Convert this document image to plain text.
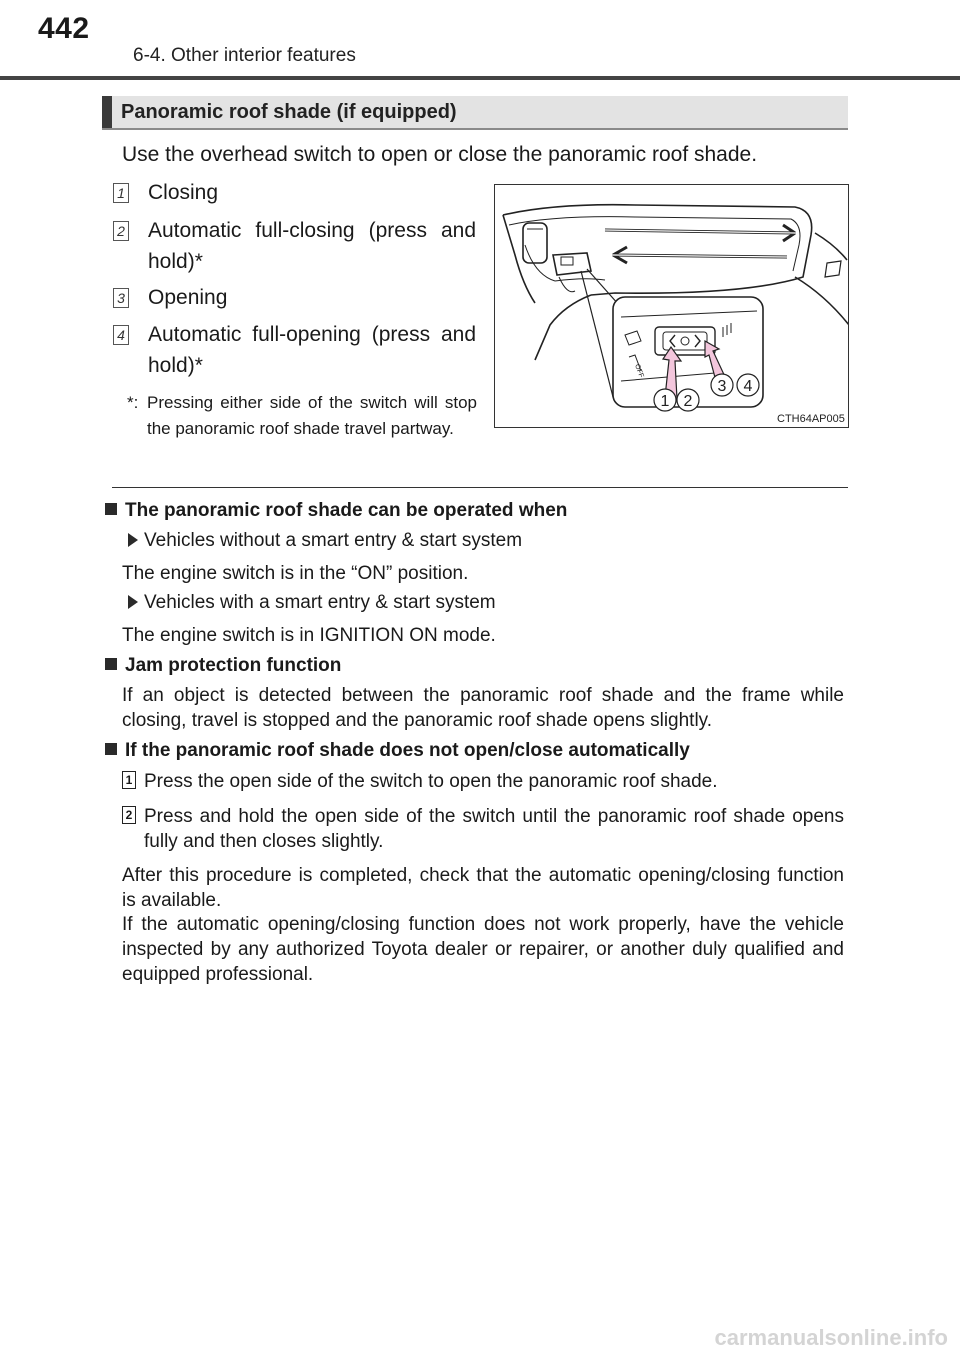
442
6-4. Other interior features
Panoramic roof shade (if equipped)
Use the overhead switch to open or close the panoramic roof shade.
1 Closing
2 Automatic full-closing (press and hold)*
3 Opening
4 Automatic full-opening (press and hold)*
*: Pressing either side of the switch will stop the panoramic roof shade travel partway.
1 2
3 4
OFF
CTH64AP005
The panoramic roof shade can be operated when
Vehicles without a smart entry & start system
The engine switch is in the “ON” position.
Vehicles with a smart entry & start system
The engine switch is in IGNITION ON mode.
Jam protection function
If an object is detected between the panoramic roof shade and the frame while closing, travel is stopped and the panoramic roof shade opens slightly.
If the panoramic roof shade does not open/close automatically
1 Press the open side of the switch to open the panoramic roof shade.
2 Press and hold the open side of the switch until the panoramic roof shade opens fully and then closes slightly.
After this procedure is completed, check that the automatic opening/closing function is available.
If the automatic opening/closing function does not work properly, have the vehicle inspected by any authorized Toyota dealer or repairer, or another duly qualified and equipped professional.
carmanualsonline.info
